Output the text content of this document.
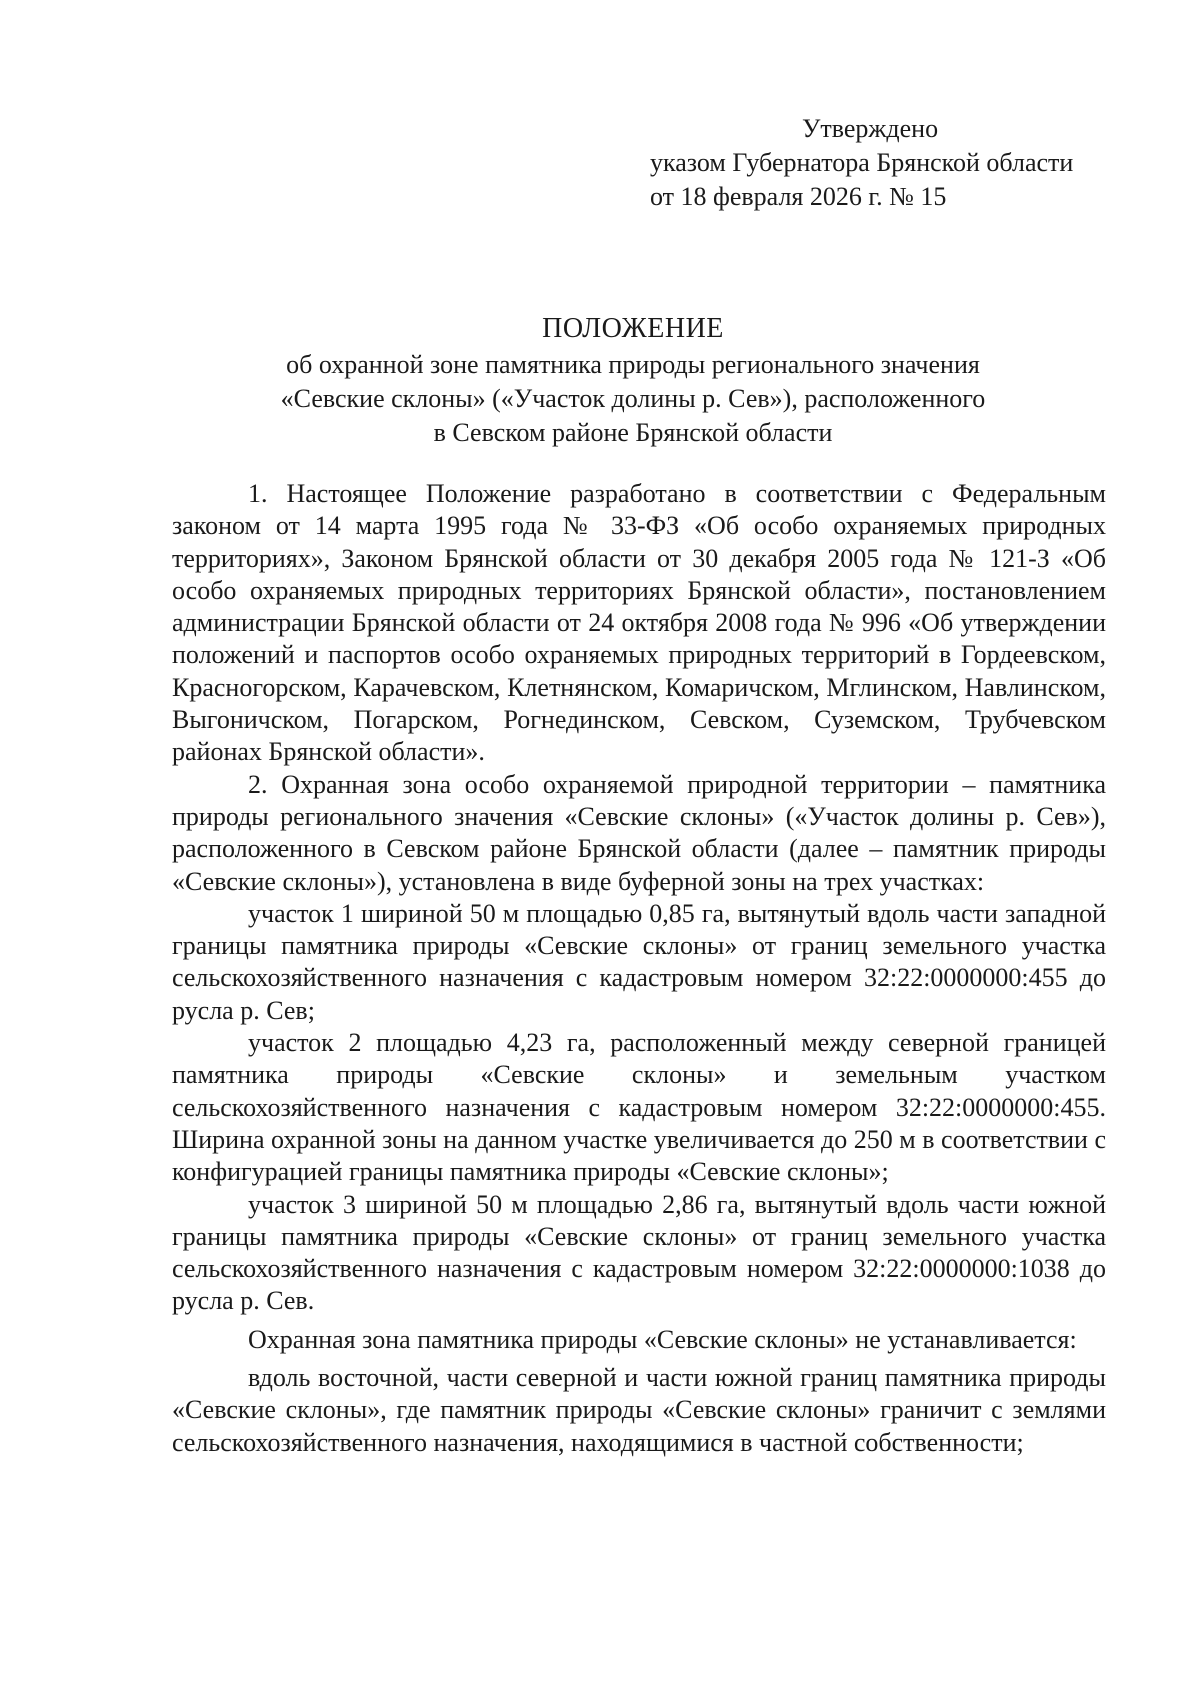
Утверждено
указом Губернатора Брянской области
от 18 февраля 2026 г. № 15
ПОЛОЖЕНИЕ
об охранной зоне памятника природы регионального значения
«Севские склоны» («Участок долины р. Сев»), расположенного
в Севском районе Брянской области

1. Настоящее Положение разработано в соответствии с Федеральным законом от 14 марта 1995 года № 33-ФЗ «Об особо охраняемых природных территориях», Законом Брянской области от 30 декабря 2005 года № 121-З «Об особо охраняемых природных территориях Брянской области», постановлением администрации Брянской области от 24 октября 2008 года № 996 «Об утверждении положений и паспортов особо охраняемых природных территорий в Гордеевском, Красногорском, Карачевском, Клетнянском, Комаричском, Мглинском, Навлинском, Выгоничском, Погарском, Рогнединском, Севском, Суземском, Трубчевском районах Брянской области».

2. Охранная зона особо охраняемой природной территории – памятника природы регионального значения «Севские склоны» («Участок долины р. Сев»), расположенного в Севском районе Брянской области (далее – памятник природы «Севские склоны»), установлена в виде буферной зоны на трех участках:

участок 1 шириной 50 м площадью 0,85 га, вытянутый вдоль части западной границы памятника природы «Севские склоны» от границ земельного участка сельскохозяйственного назначения с кадастровым номером 32:22:0000000:455 до русла р. Сев;

участок 2 площадью 4,23 га, расположенный между северной границей памятника природы «Севские склоны» и земельным участком сельскохозяйственного назначения с кадастровым номером 32:22:0000000:455. Ширина охранной зоны на данном участке увеличивается до 250 м в соответствии с конфигурацией границы памятника природы «Севские склоны»;

участок 3 шириной 50 м площадью 2,86 га, вытянутый вдоль части южной границы памятника природы «Севские склоны» от границ земельного участка сельскохозяйственного назначения с кадастровым номером 32:22:0000000:1038 до русла р. Сев.

Охранная зона памятника природы «Севские склоны» не устанавливается:

вдоль восточной, части северной и части южной границ памятника природы «Севские склоны», где памятник природы «Севские склоны» граничит с землями сельскохозяйственного назначения, находящимися в частной собственности;
